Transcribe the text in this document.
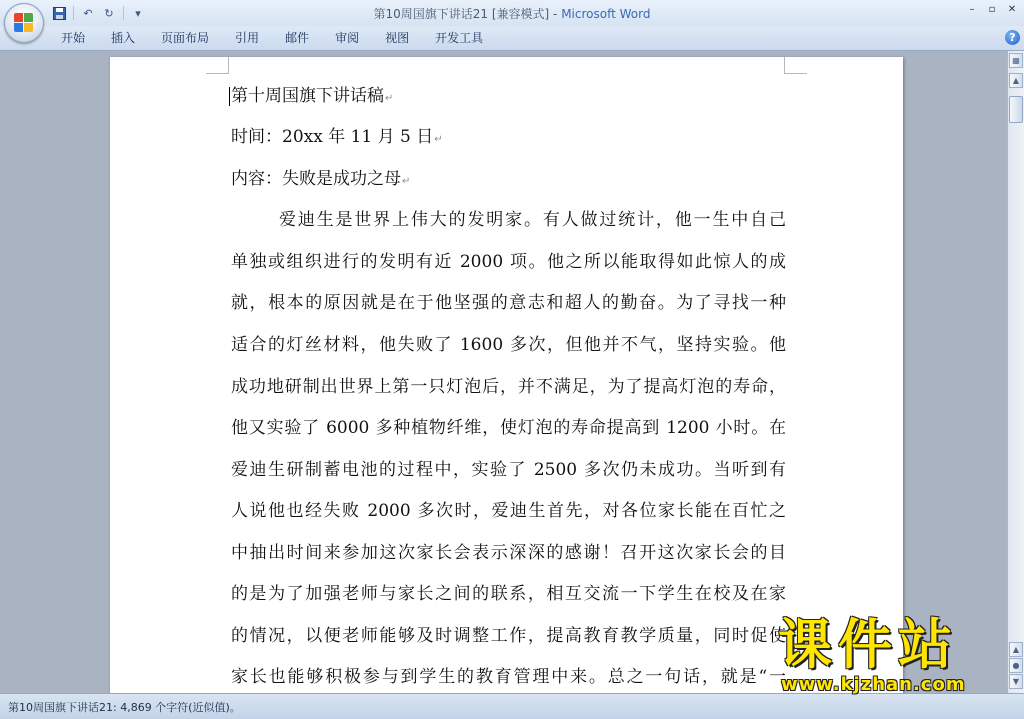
↶	↻	▾	第10周国旗下讲话21 [兼容模式] - Microsoft Word	–	▫	✕
开始	插入	页面布局	引用	邮件	审阅	视图	开发工具	?
第十周国旗下讲话稿↵
时间：20xx 年 11 月 5 日↵
内容：失败是成功之母↵
爱迪生是世界上伟大的发明家。有人做过统计，他一生中自己
单独或组织进行的发明有近 2000 项。他之所以能取得如此惊人的成
就，根本的原因就是在于他坚强的意志和超人的勤奋。为了寻找一种
适合的灯丝材料，他失败了 1600 多次，但他并不气，坚持实验。他
成功地研制出世界上第一只灯泡后，并不满足，为了提高灯泡的寿命，
他又实验了 6000 多种植物纤维，使灯泡的寿命提高到 1200 小时。在
爱迪生研制蓄电池的过程中，实验了 2500 多次仍未成功。当听到有
人说他也经失败 2000 多次时，爱迪生首先，对各位家长能在百忙之
中抽出时间来参加这次家长会表示深深的感谢！召开这次家长会的目
的是为了加强老师与家长之间的联系，相互交流一下学生在校及在家
的情况，以便老师能够及时调整工作，提高教育教学质量，同时促使
家长也能够积极参与到学生的教育管理中来。总之一句话，就是“一
▦
▲
▲
●
▼
第10周国旗下讲话21: 4,869 个字符(近似值)。
课件站
www.kjzhan.com
